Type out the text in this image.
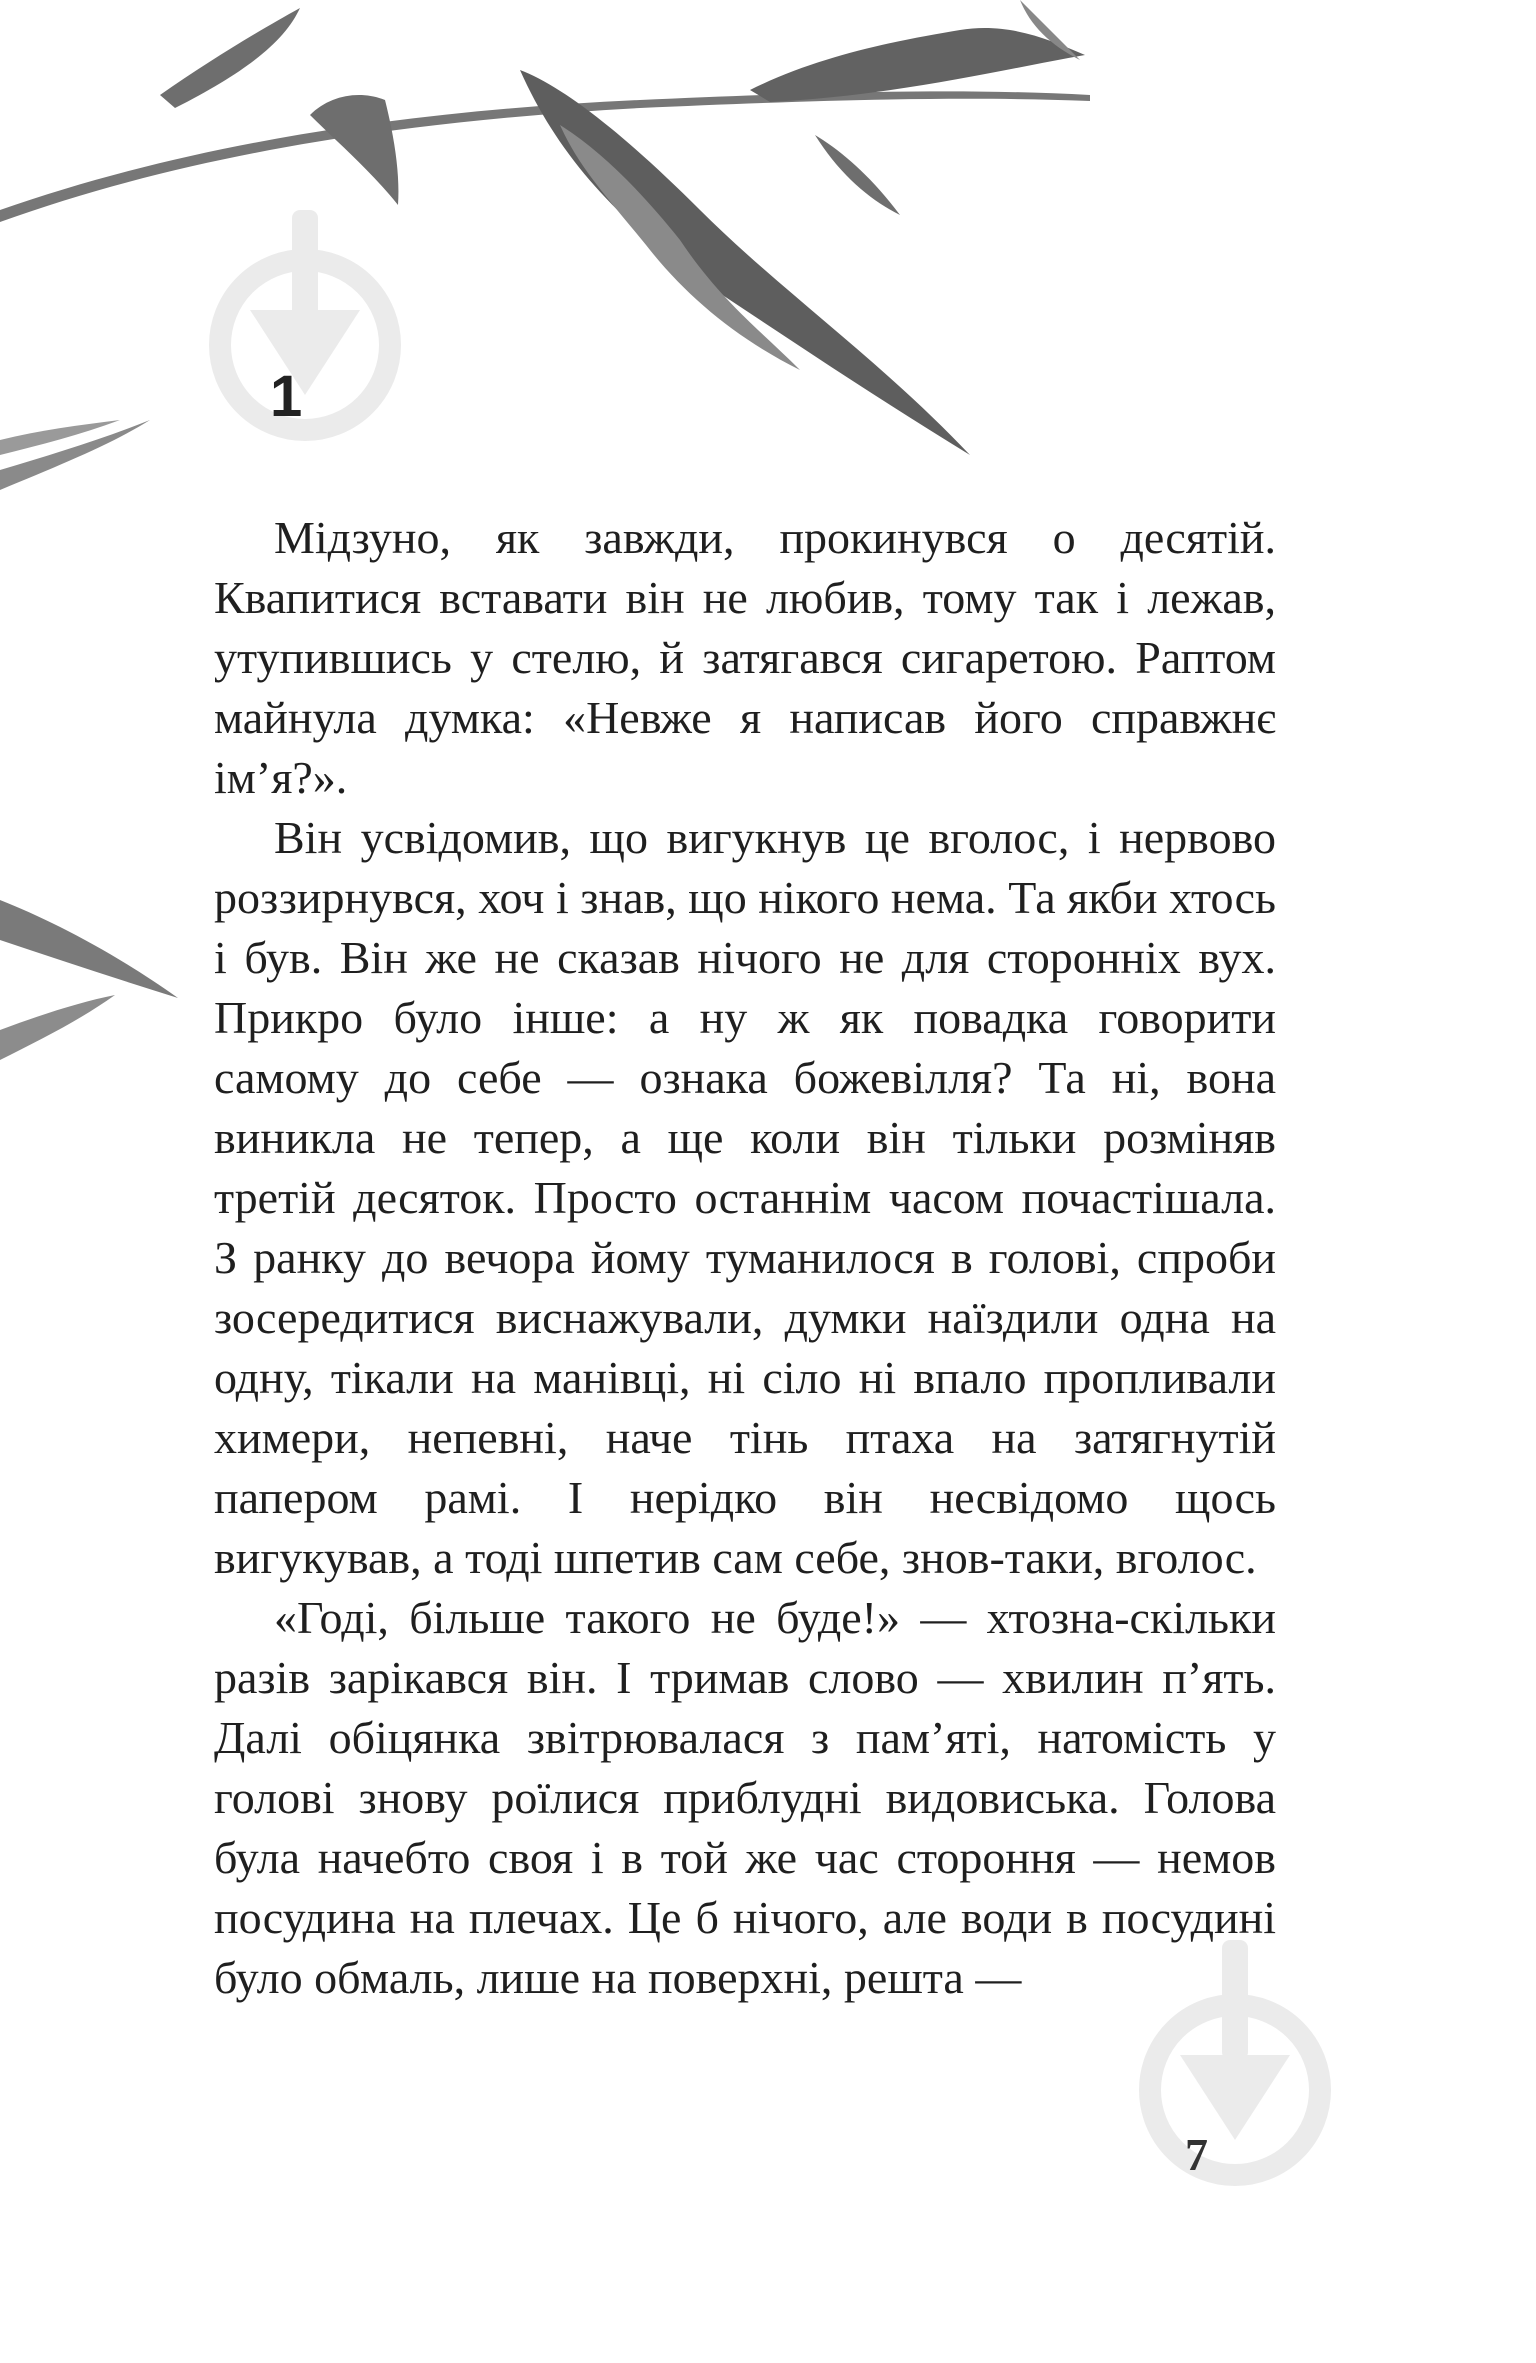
1

Мідзуно, як завжди, прокинувся о десятій. Квапитися вставати він не любив, тому так і лежав, утупившись у стелю, й затягався сигаретою. Раптом майнула думка: «Невже я написав його справжнє ім’я?».

Він усвідомив, що вигукнув це вголос, і нервово роззирнувся, хоч і знав, що нікого нема. Та якби хтось і був. Він же не сказав нічого не для сторонніх вух. Прикро було інше: а ну ж як повадка говорити самому до себе — ознака божевілля? Та ні, вона виникла не тепер, а ще коли він тільки розміняв третій десяток. Просто останнім часом почастішала. З ранку до вечора йому туманилося в голові, спроби зосередитися виснажували, думки наїздили одна на одну, тікали на манівці, ні сіло ні впало пропливали химери, непевні, наче тінь птаха на затягнутій папером рамі. І нерідко він несвідомо щось вигукував, а тоді шпетив сам себе, знов-таки, вголос.

«Годі, більше такого не буде!» — хтозна-скільки разів зарікався він. І тримав слово — хвилин п’ять. Далі обіцянка звітрювалася з пам’яті, натомість у голові знову роїлися приблудні видовиська. Голова була начебто своя і в той же час стороння — немов посудина на плечах. Це б нічого, але води в посудині було обмаль, лише на поверхні, решта —

7
